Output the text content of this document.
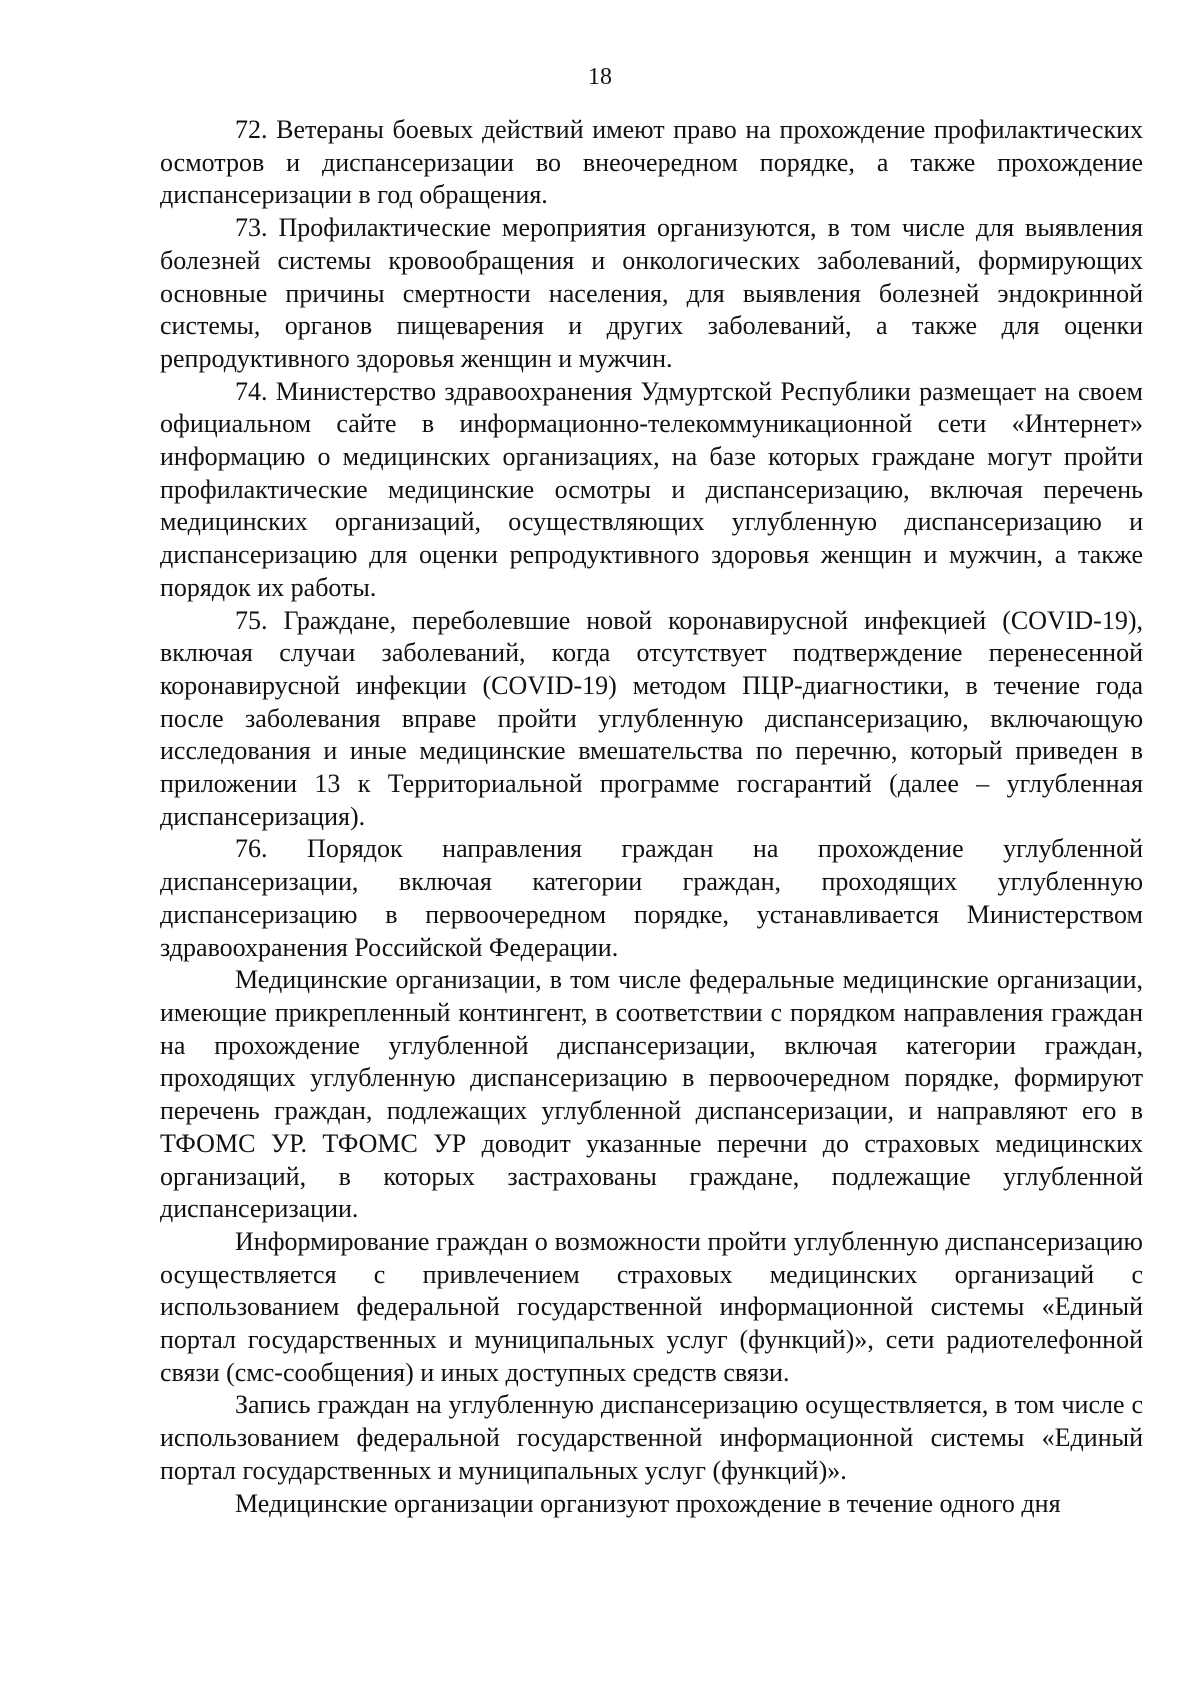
18

72. Ветераны боевых действий имеют право на прохождение профилактических осмотров и диспансеризации во внеочередном порядке, а также прохождение диспансеризации в год обращения.

73. Профилактические мероприятия организуются, в том числе для выявления болезней системы кровообращения и онкологических заболеваний, формирующих основные причины смертности населения, для выявления болезней эндокринной системы, органов пищеварения и других заболеваний, а также для оценки репродуктивного здоровья женщин и мужчин.

74. Министерство здравоохранения Удмуртской Республики размещает на своем официальном сайте в информационно-телекоммуникационной сети «Интернет» информацию о медицинских организациях, на базе которых граждане могут пройти профилактические медицинские осмотры и диспансеризацию, включая перечень медицинских организаций, осуществляющих углубленную диспансеризацию и диспансеризацию для оценки репродуктивного здоровья женщин и мужчин, а также порядок их работы.

75. Граждане, переболевшие новой коронавирусной инфекцией (COVID-19), включая случаи заболеваний, когда отсутствует подтверждение перенесенной коронавирусной инфекции (COVID-19) методом ПЦР-диагностики, в течение года после заболевания вправе пройти углубленную диспансеризацию, включающую исследования и иные медицинские вмешательства по перечню, который приведен в приложении 13 к Территориальной программе госгарантий (далее – углубленная диспансеризация).

76. Порядок направления граждан на прохождение углубленной диспансеризации, включая категории граждан, проходящих углубленную диспансеризацию в первоочередном порядке, устанавливается Министерством здравоохранения Российской Федерации.

Медицинские организации, в том числе федеральные медицинские организации, имеющие прикрепленный контингент, в соответствии с порядком направления граждан на прохождение углубленной диспансеризации, включая категории граждан, проходящих углубленную диспансеризацию в первоочередном порядке, формируют перечень граждан, подлежащих углубленной диспансеризации, и направляют его в ТФОМС УР. ТФОМС УР доводит указанные перечни до страховых медицинских организаций, в которых застрахованы граждане, подлежащие углубленной диспансеризации.

Информирование граждан о возможности пройти углубленную диспансеризацию осуществляется с привлечением страховых медицинских организаций с использованием федеральной государственной информационной системы «Единый портал государственных и муниципальных услуг (функций)», сети радиотелефонной связи (смс-сообщения) и иных доступных средств связи.

Запись граждан на углубленную диспансеризацию осуществляется, в том числе с использованием федеральной государственной информационной системы «Единый портал государственных и муниципальных услуг (функций)».

Медицинские организации организуют прохождение в течение одного дня
